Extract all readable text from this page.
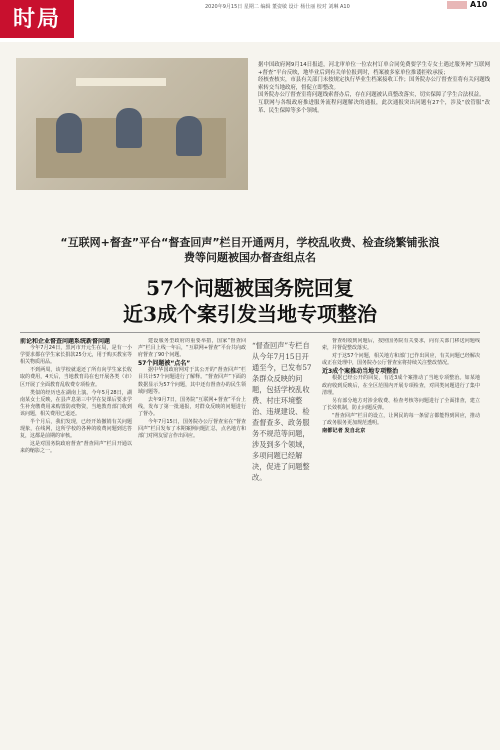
时局	2020年9月15日 星期二 编辑 董姿敏 设计 杨仕丽 校对 刘琳 A10	A10
据中国政府网9月14日报道，河北审单位一位农村订单合同免费要学生专女士遇过服务网“互联网+督查”平台反映，地毕业后到有关单位报到时，档案被多家单位推诿拒收承接；
经核查核实，市县有关部门未按规定执行毕业生档案接收工作；国务院办公厅督查室将有关问题线索转交当地政府，督促立即整改。
国务院办公厅督查室将问题线索督办后，存在问题被认真整改落实，切实保障了学生合法权益。
互联网与各级政府推进服务流程问题解决的通报，此次通报突出问题有27个，涉及“放管服”改革、民生保障等多个领域。
“互联网+督查”平台“督查回声”栏目开通两月，学校乱收费、检查绕繁铺张浪费等问题被国办督查组点名
57个问题被国务院回复
近3成个案引发当地专项整治
前论和企业督查问题系统新督问题

今年7月24日，黑河市开元生在局，是有一小学要求都在学生家长捐款25分元，用于购买教室等相关物质用品。

不到两周，该学校就退还了所有向学生家长收取的费用，4天后，当地教育局在也开展各类（市）区开展了全面教育乱收费专项检查。

类似的经历也在湖南上演。今年5月28日，湖南某女士反映，在县声息第三中学在复课后要求学生补充缴费用来购置防疫物资，当地教育部门收到该问题，相关费用已退还。

半个月后，我们发现，已经开始撤销有关问题现象，在线网，这所学校的各种的收费问题到达答复，这都是前期的审核。

这是对国务院政府督查“督查回声”栏目开通以来的缩影之一。

建设服务型政府的重要举措，国家“督查回声”栏目上线一年后，“互联网+督查”平台共向政府督查了90个问题。

57个问题被“点名”

据中华国政府网对于其公开的“督查回声”栏目共计57个问题进行了解释。“督查回声”下面的数据显示为57个问题，其中还有督查办的民生领域问题等。

去年9月7日，国务院“互联网+督查”平台上线，发布了第一批通报，对群众反映的问题进行了督办。

今年7月15日，国务院办公厅督查室在“督查回声”栏目发布了本期案例问题汇总，点名地方和部门对网友留言作出回应。

“督查回声”专栏自从今年7月15日开通至今，已发布57条群众反映的问题，包括学校乱收费、村庄环境整治、违规建设、检查督查多、政务服务不规范等问题，涉及到多个领域，多项问题已经解决，促进了问题整改。

督查组收到问题后，按照国务院有关要求，向有关部门移送问题线索，并督促整改落实。

对于这57个问题，相关地方和部门已作出回应，有关问题已经解决或正在处理中，国务院办公厅督查室将持续关注整改情况。

近3成个案推动当地专项整治

根据已经公开的回复，有近3成个案推动了当地专项整治。如某地政府收到反映后，在全区范围内开展专项检查，对同类问题进行了集中清理。

另有部分地方对涉企收费、检查考核等问题进行了全面排查，建立了长效机制，防止问题反弹。

“督查回声”栏目的设立，让网民的每一条留言都能得到回应，推动了政务服务更加规范透明。

南都记者 发自北京
